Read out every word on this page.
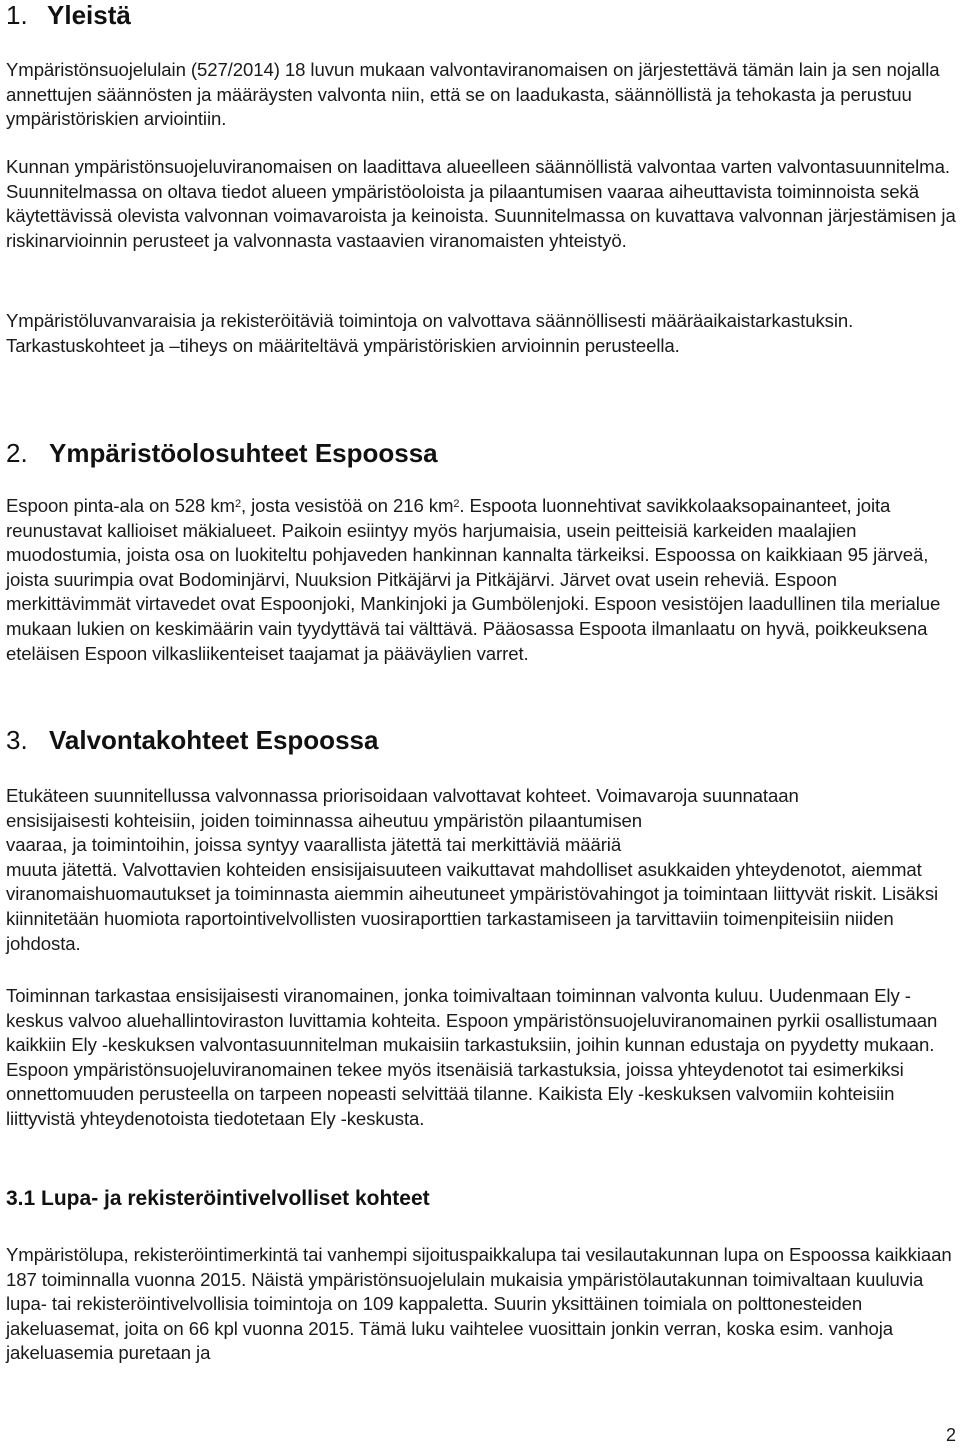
1. Yleistä

Ympäristönsuojelulain (527/2014) 18 luvun mukaan valvontaviranomaisen on järjestettävä tämän lain ja sen nojalla annettujen säännösten ja määräysten valvonta niin, että se on laadukasta, säännöllistä ja tehokasta ja perustuu ympäristöriskien arviointiin.

Kunnan ympäristönsuojeluviranomaisen on laadittava alueelleen säännöllistä valvontaa varten valvontasuunnitelma. Suunnitelmassa on oltava tiedot alueen ympäristöoloista ja pilaantumisen vaaraa aiheuttavista toiminnoista sekä käytettävissä olevista valvonnan voimavaroista ja keinoista. Suunnitelmassa on kuvattava valvonnan järjestämisen ja riskinarvioinnin perusteet ja valvonnasta vastaavien viranomaisten yhteistyö.

Ympäristöluvanvaraisia ja rekisteröitäviä toimintoja on valvottava säännöllisesti määräaikaistarkastuksin. Tarkastuskohteet ja –tiheys on määriteltävä ympäristöriskien arvioinnin perusteella.

2. Ympäristöolosuhteet Espoossa

Espoon pinta-ala on 528 $km^2$, josta vesistöä on 216 $km^2$. Espoota luonnehtivat savikkolaaksopainanteet, joita reunustavat kallioiset mäkialueet. Paikoin esiintyy myös harjumaisia, usein peitteisiä karkeiden maalajien muodostumia, joista osa on luokiteltu pohjaveden hankinnan kannalta tärkeiksi. Espoossa on kaikkiaan 95 järveä, joista suurimpia ovat Bodominjärvi, Nuuksion Pitkäjärvi ja Pitkäjärvi. Järvet ovat usein reheviä. Espoon merkittävimmät virtavedet ovat Espoonjoki, Mankinjoki ja Gumbölenjoki. Espoon vesistöjen laadullinen tila merialue mukaan lukien on keskimäärin vain tyydyttävä tai välttävä. Pääosassa Espoota ilmanlaatu on hyvä, poikkeuksena eteläisen Espoon vilkasliikenteiset taajamat ja pääväylien varret.

3. Valvontakohteet Espoossa
Etukäteen suunnitellussa valvonnassa priorisoidaan valvottavat kohteet. Voimavaroja suunnataan
ensisijaisesti kohteisiin, joiden toiminnassa aiheutuu ympäristön pilaantumisen
vaaraa, ja toimintoihin, joissa syntyy vaarallista jätettä tai merkittäviä määriä
muuta jätettä. Valvottavien kohteiden ensisijaisuuteen vaikuttavat mahdolliset asukkaiden yhteydenotot, aiemmat viranomaishuomautukset ja toiminnasta aiemmin aiheutuneet ympäristövahingot ja toimintaan liittyvät riskit. Lisäksi kiinnitetään huomiota raportointivelvollisten vuosiraporttien tarkastamiseen ja tarvittaviin toimenpiteisiin niiden johdosta.

Toiminnan tarkastaa ensisijaisesti viranomainen, jonka toimivaltaan toiminnan valvonta kuluu. Uudenmaan Ely -keskus valvoo aluehallintoviraston luvittamia kohteita. Espoon ympäristönsuojeluviranomainen pyrkii osallistumaan kaikkiin Ely -keskuksen valvontasuunnitelman mukaisiin tarkastuksiin, joihin kunnan edustaja on pyydetty mukaan. Espoon ympäristönsuojeluviranomainen tekee myös itsenäisiä tarkastuksia, joissa yhteydenotot tai esimerkiksi onnettomuuden perusteella on tarpeen nopeasti selvittää tilanne. Kaikista Ely -keskuksen valvomiin kohteisiin liittyvistä yhteydenotoista tiedotetaan Ely -keskusta.

3.1 Lupa- ja rekisteröintivelvolliset kohteet

Ympäristölupa, rekisteröintimerkintä tai vanhempi sijoituspaikkalupa tai vesilautakunnan lupa on Espoossa kaikkiaan 187 toiminnalla vuonna 2015. Näistä ympäristönsuojelulain mukaisia ympäristölautakunnan toimivaltaan kuuluvia lupa- tai rekisteröintivelvollisia toimintoja on 109 kappaletta. Suurin yksittäinen toimiala on polttonesteiden jakeluasemat, joita on 66 kpl vuonna 2015. Tämä luku vaihtelee vuosittain jonkin verran, koska esim. vanhoja jakeluasemia puretaan ja

2
